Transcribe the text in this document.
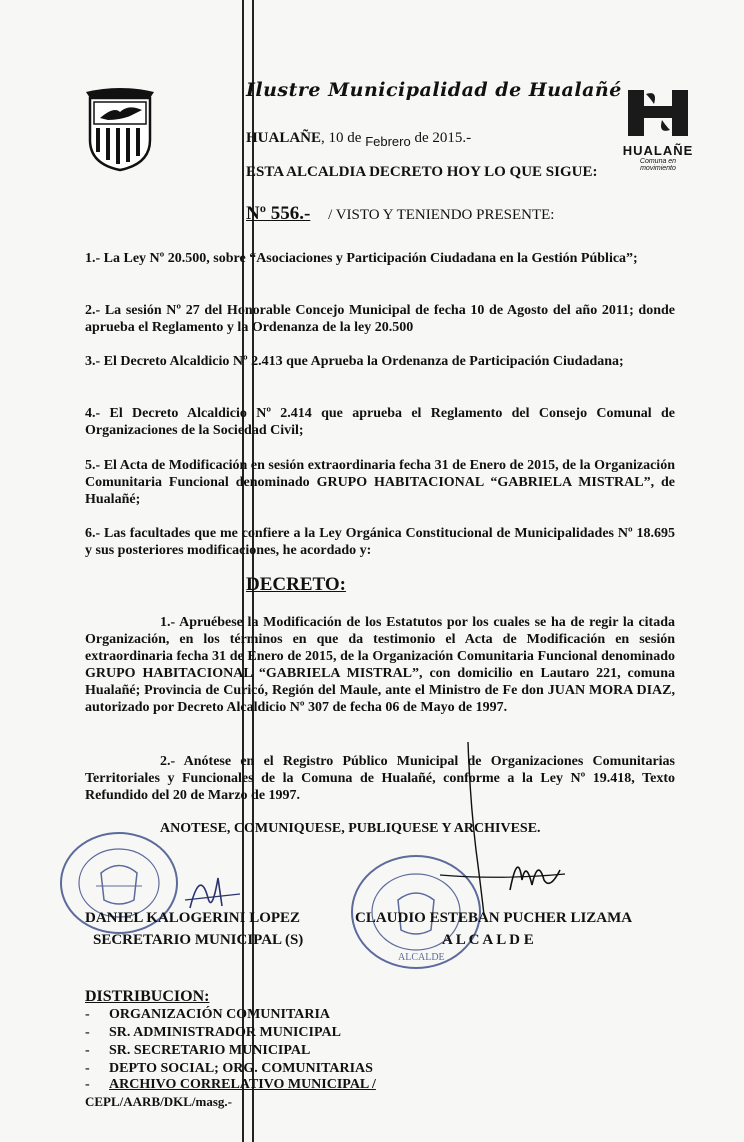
Ilustre Municipalidad de Hualañé
HUALAÑE, 10 de Febrero de 2015.-
ESTA ALCALDIA DECRETO HOY LO QUE SIGUE:
Nº 556.- / VISTO Y TENIENDO PRESENTE:
HUALAÑE
Comuna en movimiento
1.- La Ley Nº 20.500, sobre “Asociaciones y Participación Ciudadana en la Gestión Pública”;
2.- La sesión Nº 27 del Honorable Concejo Municipal de fecha 10 de Agosto del año 2011; donde aprueba el Reglamento y la Ordenanza de la ley 20.500
3.- El Decreto Alcaldicio Nº 2.413 que Aprueba la Ordenanza de Participación Ciudadana;
4.- El Decreto Alcaldicio Nº 2.414 que aprueba el Reglamento del Consejo Comunal de Organizaciones de la Sociedad Civil;
5.- El Acta de Modificación en sesión extraordinaria fecha 31 de Enero de 2015, de la Organización Comunitaria Funcional denominado GRUPO HABITACIONAL “GABRIELA MISTRAL”, de Hualañé;
6.- Las facultades que me confiere a la Ley Orgánica Constitucional de Municipalidades Nº 18.695 y sus posteriores modificaciones, he acordado y:
DECRETO:
1.- Apruébese la Modificación de los Estatutos por los cuales se ha de regir la citada Organización, en los términos en que da testimonio el Acta de Modificación en sesión extraordinaria fecha 31 de Enero de 2015, de la Organización Comunitaria Funcional denominado GRUPO HABITACIONAL “GABRIELA MISTRAL”, con domicilio en Lautaro 221, comuna Hualañé; Provincia de Curicó, Región del Maule, ante el Ministro de Fe don JUAN MORA DIAZ, autorizado por Decreto Alcaldicio Nº 307 de fecha 06 de Mayo de 1997.
2.- Anótese en el Registro Público Municipal de Organizaciones Comunitarias Territoriales y Funcionales de la Comuna de Hualañé, conforme a la Ley Nº 19.418, Texto Refundido del 20 de Marzo de 1997.
ANOTESE, COMUNIQUESE, PUBLIQUESE Y ARCHIVESE.
ALCALDE
DANIEL KALOGERINI LOPEZ
SECRETARIO MUNICIPAL (S)
CLAUDIO ESTEBAN PUCHER LIZAMA
A L C A L D E
DISTRIBUCION:
- ORGANIZACIÓN COMUNITARIA
- SR. ADMINISTRADOR MUNICIPAL
- SR. SECRETARIO MUNICIPAL
- DEPTO SOCIAL; ORG. COMUNITARIAS
- ARCHIVO CORRELATIVO MUNICIPAL /
CEPL/AARB/DKL/masg.-
